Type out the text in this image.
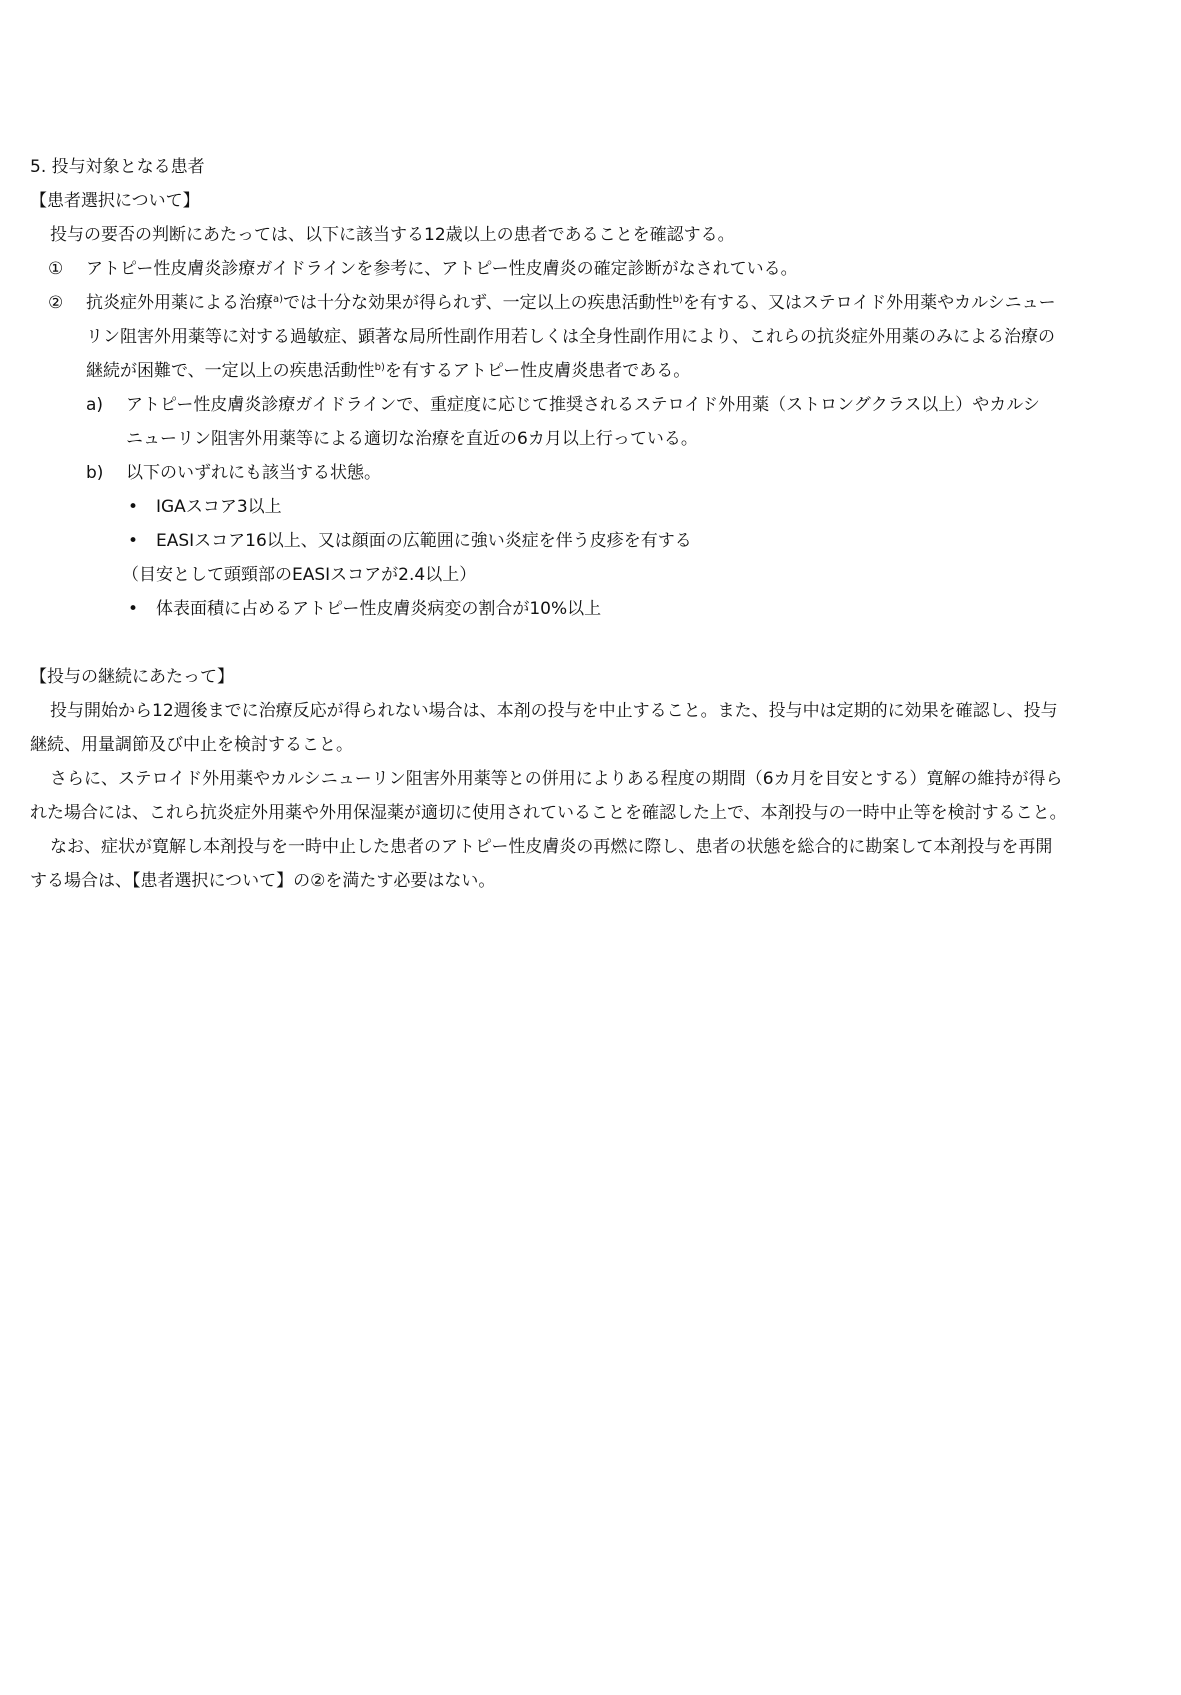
5. 投与対象となる患者
【患者選択について】
投与の要否の判断にあたっては、以下に該当する12歳以上の患者であることを確認する。
① アトピー性皮膚炎診療ガイドラインを参考に、アトピー性皮膚炎の確定診断がなされている。
② 抗炎症外用薬による治療$^{a)}$では十分な効果が得られず、一定以上の疾患活動性$^{b)}$を有する、又はステロイド外用薬やカルシニュー
リン阻害外用薬等に対する過敏症、顕著な局所性副作用若しくは全身性副作用により、これらの抗炎症外用薬のみによる治療の
継続が困難で、一定以上の疾患活動性$^{b)}$を有するアトピー性皮膚炎患者である。
a) アトピー性皮膚炎診療ガイドラインで、重症度に応じて推奨されるステロイド外用薬（ストロングクラス以上）やカルシ
ニューリン阻害外用薬等による適切な治療を直近の6カ月以上行っている。
b) 以下のいずれにも該当する状態。
• IGAスコア3以上
• EASIスコア16以上、又は顔面の広範囲に強い炎症を伴う皮疹を有する
（目安として頭頸部のEASIスコアが2.4以上）
• 体表面積に占めるアトピー性皮膚炎病変の割合が10%以上
【投与の継続にあたって】
投与開始から12週後までに治療反応が得られない場合は、本剤の投与を中止すること。また、投与中は定期的に効果を確認し、投与
継続、用量調節及び中止を検討すること。
さらに、ステロイド外用薬やカルシニューリン阻害外用薬等との併用によりある程度の期間（6カ月を目安とする）寛解の維持が得ら
れた場合には、これら抗炎症外用薬や外用保湿薬が適切に使用されていることを確認した上で、本剤投与の一時中止等を検討すること。
なお、症状が寛解し本剤投与を一時中止した患者のアトピー性皮膚炎の再燃に際し、患者の状態を総合的に勘案して本剤投与を再開
する場合は、【患者選択について】の②を満たす必要はない。
